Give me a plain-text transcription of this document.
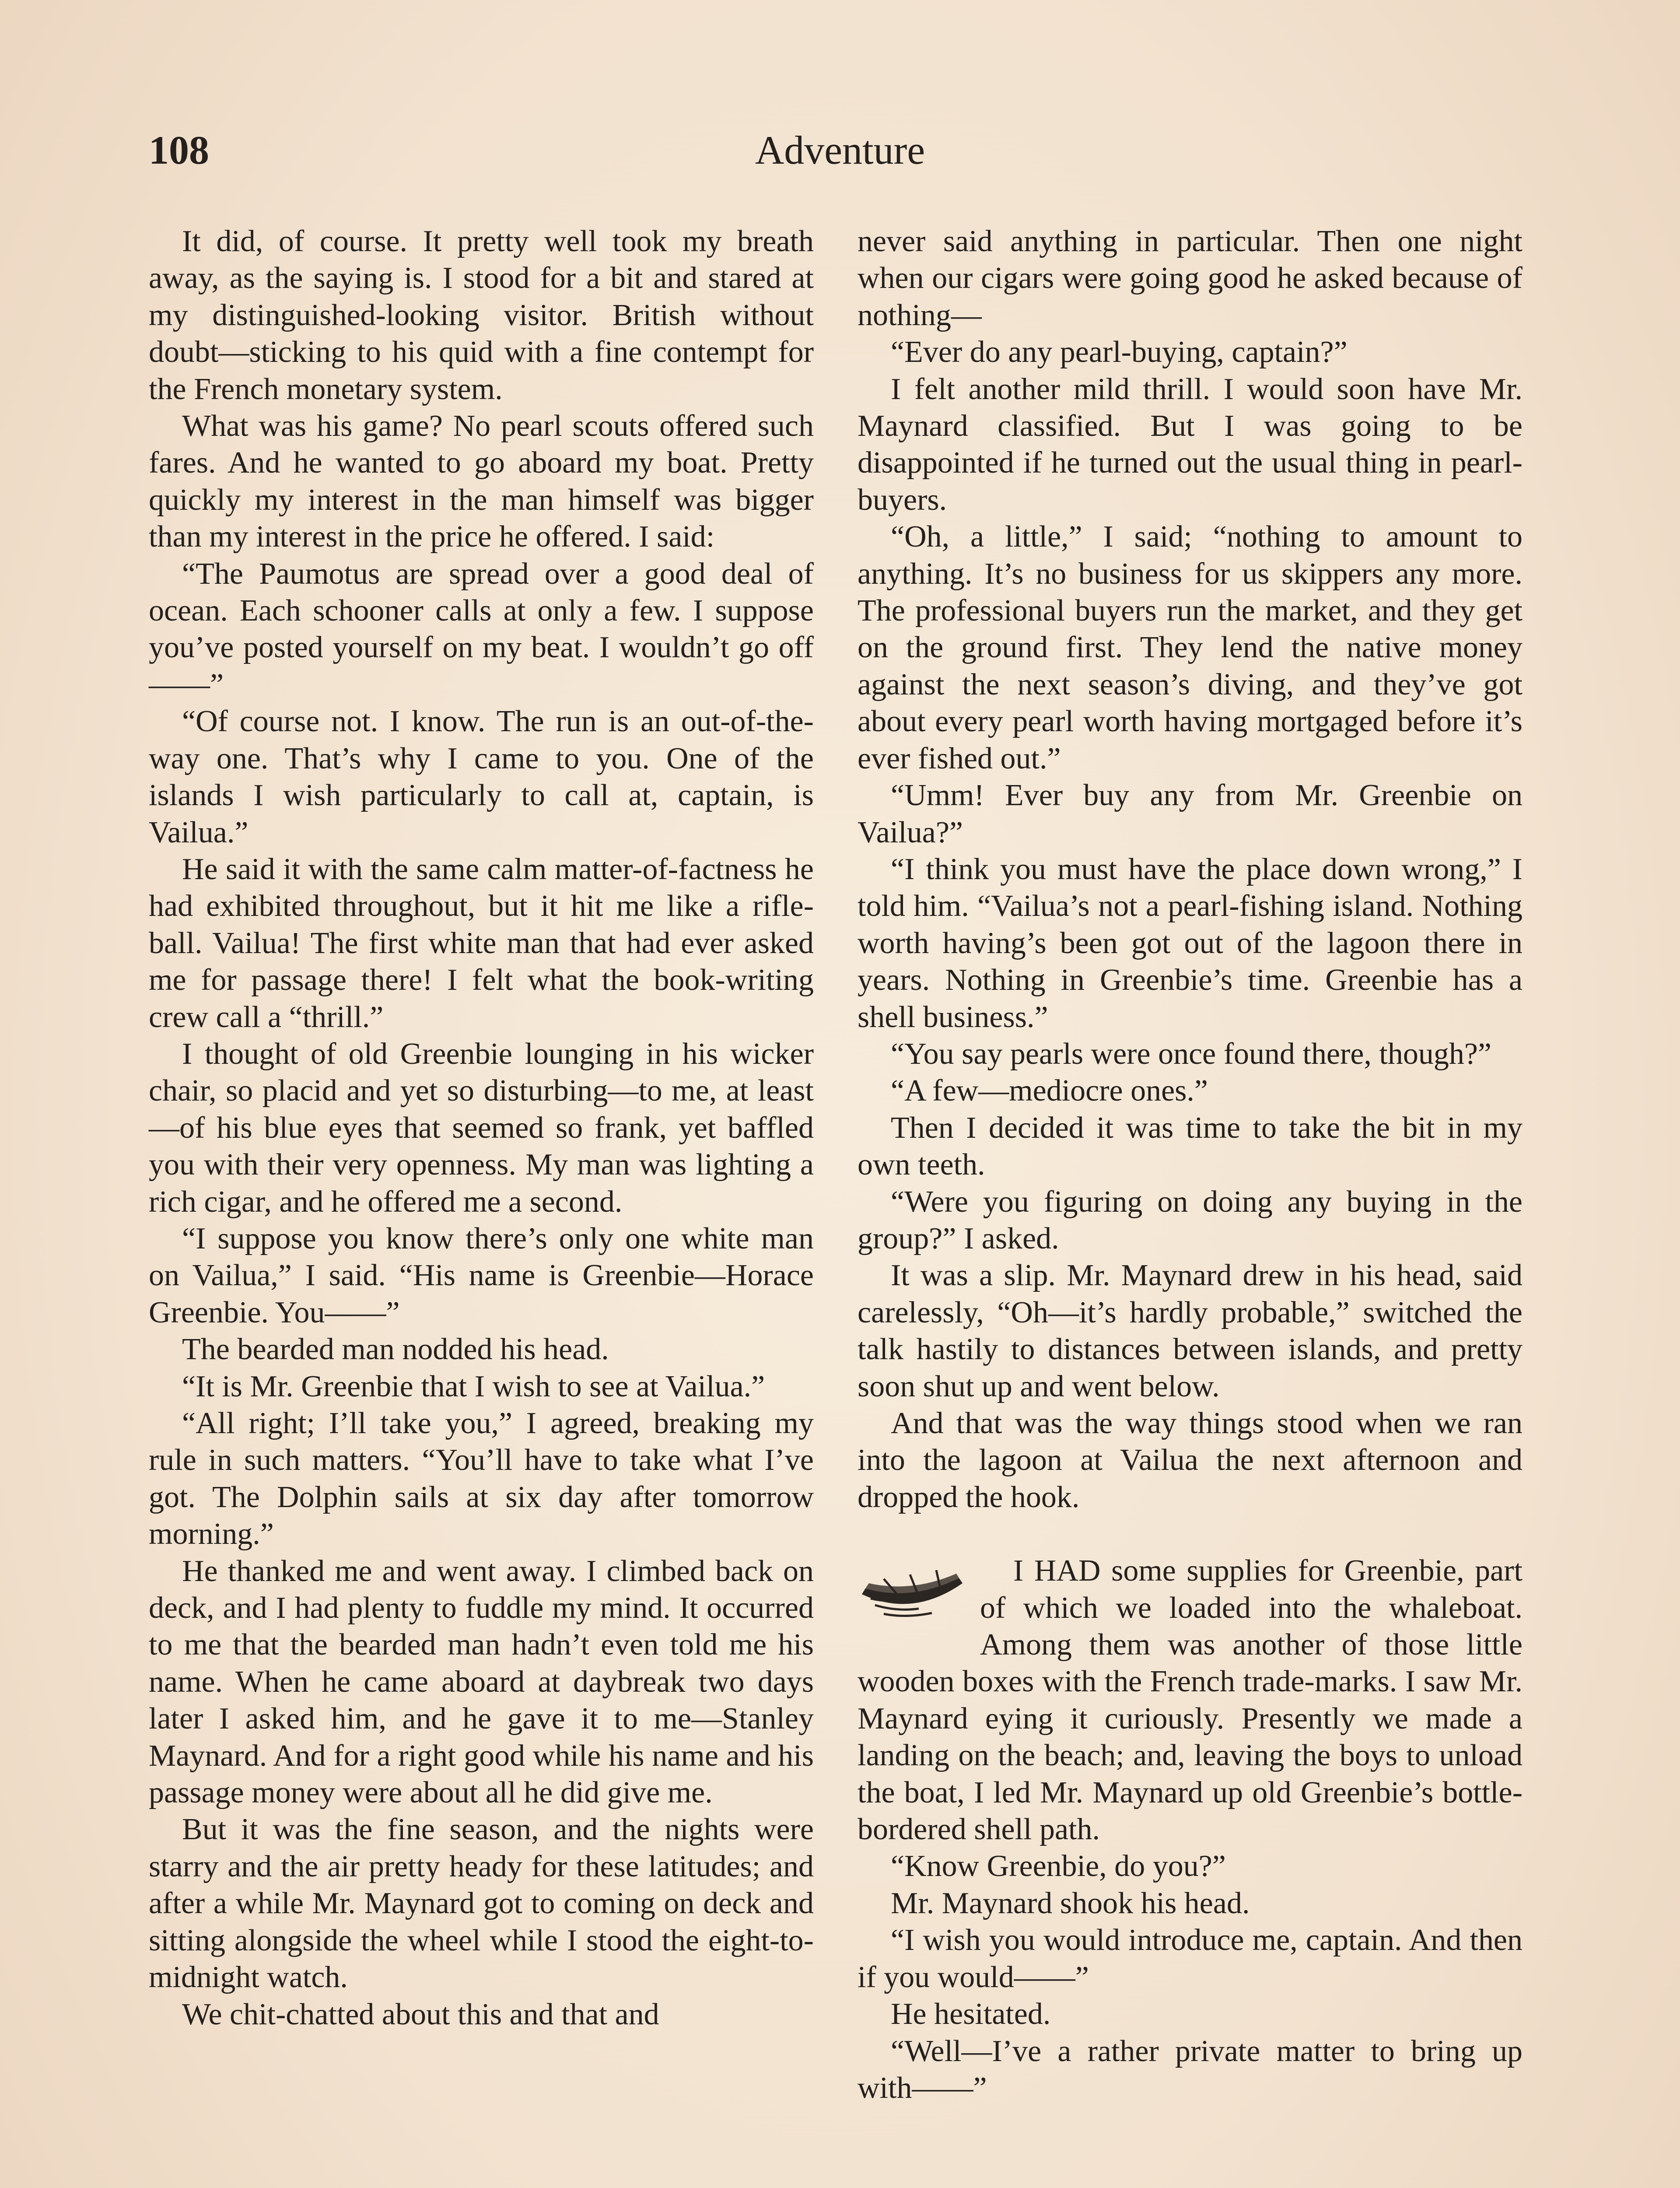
108	Adventure

It did, of course. It pretty well took my breath away, as the saying is. I stood for a bit and stared at my distinguished-looking visitor. British without doubt—sticking to his quid with a fine contempt for the French monetary system.

What was his game? No pearl scouts offered such fares. And he wanted to go aboard my boat. Pretty quickly my interest in the man himself was bigger than my interest in the price he offered. I said:

“The Paumotus are spread over a good deal of ocean. Each schooner calls at only a few. I suppose you’ve posted yourself on my beat. I wouldn’t go off——”

“Of course not. I know. The run is an out-of-the-way one. That’s why I came to you. One of the islands I wish particularly to call at, captain, is Vailua.”

He said it with the same calm matter-of-factness he had exhibited throughout, but it hit me like a rifle-ball. Vailua! The first white man that had ever asked me for passage there! I felt what the book-writing crew call a “thrill.”

I thought of old Greenbie lounging in his wicker chair, so placid and yet so disturbing—to me, at least—of his blue eyes that seemed so frank, yet baffled you with their very openness. My man was lighting a rich cigar, and he offered me a second.

“I suppose you know there’s only one white man on Vailua,” I said. “His name is Greenbie—Horace Greenbie. You——”

The bearded man nodded his head.

“It is Mr. Greenbie that I wish to see at Vailua.”

“All right; I’ll take you,” I agreed, breaking my rule in such matters. “You’ll have to take what I’ve got. The Dolphin sails at six day after tomorrow morning.”

He thanked me and went away. I climbed back on deck, and I had plenty to fuddle my mind. It occurred to me that the bearded man hadn’t even told me his name. When he came aboard at daybreak two days later I asked him, and he gave it to me—Stanley Maynard. And for a right good while his name and his passage money were about all he did give me.

But it was the fine season, and the nights were starry and the air pretty heady for these latitudes; and after a while Mr. Maynard got to coming on deck and sitting alongside the wheel while I stood the eight-to-midnight watch.

We chit-chatted about this and that and

never said anything in particular. Then one night when our cigars were going good he asked because of nothing—

“Ever do any pearl-buying, captain?”

I felt another mild thrill. I would soon have Mr. Maynard classified. But I was going to be disappointed if he turned out the usual thing in pearl-buyers.

“Oh, a little,” I said; “nothing to amount to anything. It’s no business for us skippers any more. The professional buyers run the market, and they get on the ground first. They lend the native money against the next season’s diving, and they’ve got about every pearl worth having mortgaged before it’s ever fished out.”

“Umm! Ever buy any from Mr. Greenbie on Vailua?”

“I think you must have the place down wrong,” I told him. “Vailua’s not a pearl-fishing island. Nothing worth having’s been got out of the lagoon there in years. Nothing in Greenbie’s time. Greenbie has a shell business.”

“You say pearls were once found there, though?”

“A few—mediocre ones.”

Then I decided it was time to take the bit in my own teeth.

“Were you figuring on doing any buying in the group?” I asked.

It was a slip. Mr. Maynard drew in his head, said carelessly, “Oh—it’s hardly probable,” switched the talk hastily to distances between islands, and pretty soon shut up and went below.

And that was the way things stood when we ran into the lagoon at Vailua the next afternoon and dropped the hook.

I HAD some supplies for Greenbie, part of which we loaded into the whaleboat. Among them was another of those little wooden boxes with the French trade-marks. I saw Mr. Maynard eying it curiously. Presently we made a landing on the beach; and, leaving the boys to unload the boat, I led Mr. Maynard up old Greenbie’s bottle-bordered shell path.

“Know Greenbie, do you?”

Mr. Maynard shook his head.

“I wish you would introduce me, captain. And then if you would——”

He hesitated.

“Well—I’ve a rather private matter to bring up with——”
